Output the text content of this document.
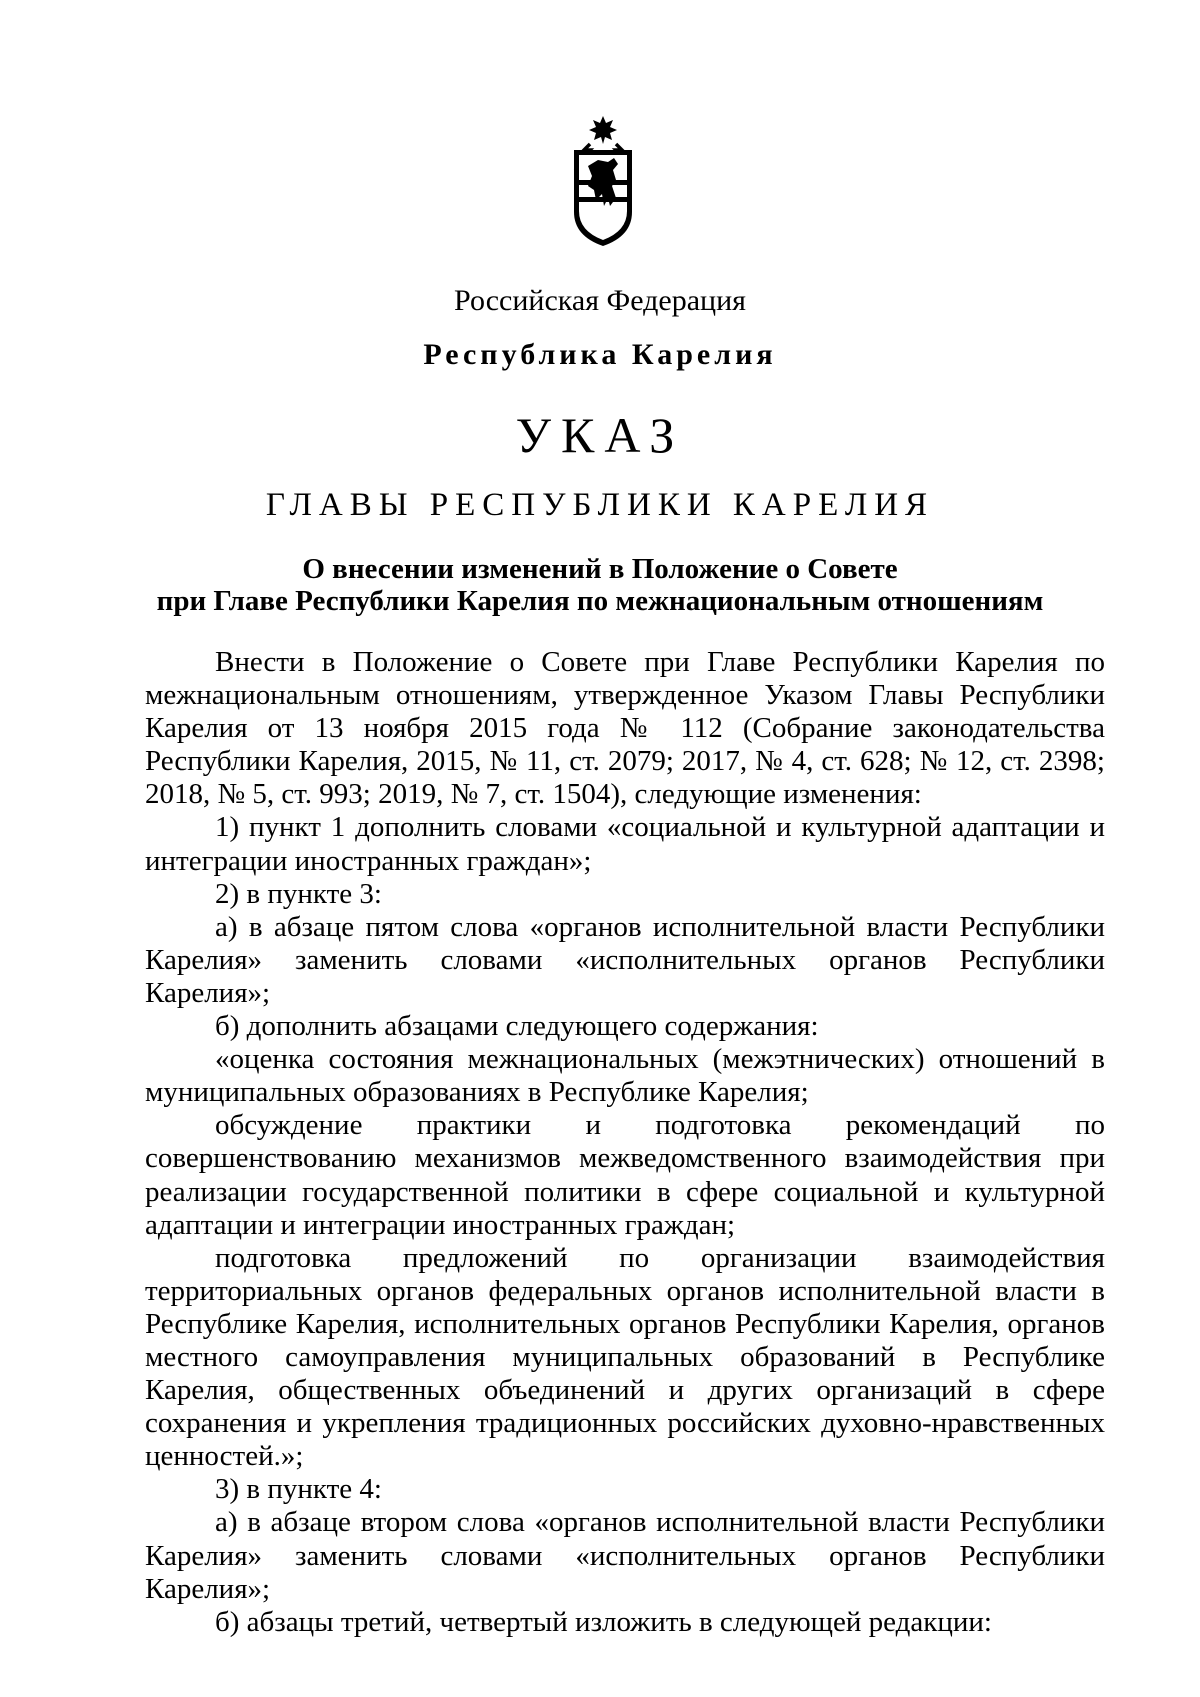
Российская Федерация
Республика Карелия
УКАЗ
ГЛАВЫ РЕСПУБЛИКИ КАРЕЛИЯ
О внесении изменений в Положение о Совете
при Главе Республики Карелия по межнациональным отношениям

Внести в Положение о Совете при Главе Республики Карелия по межнациональным отношениям, утвержденное Указом Главы Республики Карелия от 13 ноября 2015 года № 112 (Собрание законодательства Республики Карелия, 2015, № 11, ст. 2079; 2017, № 4, ст. 628; № 12, ст. 2398; 2018, № 5, ст. 993; 2019, № 7, ст. 1504), следующие изменения:

1) пункт 1 дополнить словами «социальной и культурной адаптации и интеграции иностранных граждан»;

2) в пункте 3:

а) в абзаце пятом слова «органов исполнительной власти Республики Карелия» заменить словами «исполнительных органов Республики Карелия»;

б) дополнить абзацами следующего содержания:

«оценка состояния межнациональных (межэтнических) отношений в муниципальных образованиях в Республике Карелия;

обсуждение практики и подготовка рекомендаций по совершенствованию механизмов межведомственного взаимодействия при реализации государственной политики в сфере социальной и культурной адаптации и интеграции иностранных граждан;

подготовка предложений по организации взаимодействия территориальных органов федеральных органов исполнительной власти в Республике Карелия, исполнительных органов Республики Карелия, органов местного самоуправления муниципальных образований в Республике Карелия, общественных объединений и других организаций в сфере сохранения и укрепления традиционных российских духовно-нравственных ценностей.»;

3) в пункте 4:

а) в абзаце втором слова «органов исполнительной власти Республики Карелия» заменить словами «исполнительных органов Республики Карелия»;

б) абзацы третий, четвертый изложить в следующей редакции:
